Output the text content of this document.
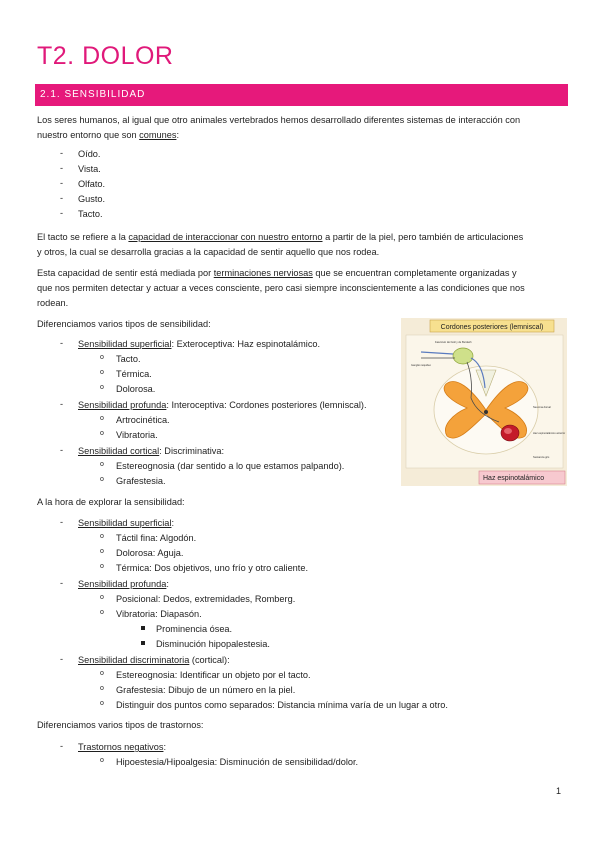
T2. DOLOR
2.1. SENSIBILIDAD
Los seres humanos, al igual que otro animales vertebrados hemos desarrollado diferentes sistemas de interacción con
nuestro entorno que son comunes:
- Oído.
- Vista.
- Olfato.
- Gusto.
- Tacto.
El tacto se refiere a la capacidad de interaccionar con nuestro entorno a partir de la piel, pero también de articulaciones
y otros, la cual se desarrolla gracias a la capacidad de sentir aquello que nos rodea.
Esta capacidad de sentir está mediada por terminaciones nerviosas que se encuentran completamente organizadas y
que nos permiten detectar y actuar a veces consciente, pero casi siempre inconscientemente a las condiciones que nos
rodean.
Diferenciamos varios tipos de sensibilidad:
- Sensibilidad superficial: Exteroceptiva: Haz espinotalámico.
o Tacto.
o Térmica.
o Dolorosa.
- Sensibilidad profunda: Interoceptiva: Cordones posteriores (lemniscal).
o Artrocinética.
o Vibratoria.
- Sensibilidad cortical: Discriminativa:
o Estereognosia (dar sentido a lo que estamos palpando).
o Grafestesia.
A la hora de explorar la sensibilidad:
- Sensibilidad superficial:
o Táctil fina: Algodón.
o Dolorosa: Aguja.
o Térmica: Dos objetivos, uno frío y otro caliente.
- Sensibilidad profunda:
o Posicional: Dedos, extremidades, Romberg.
o Vibratoria: Diapasón.
Prominencia ósea.
Disminución hipopalestesia.
- Sensibilidad discriminatoria (cortical):
o Estereognosia: Identificar un objeto por el tacto.
o Grafestesia: Dibujo de un número en la piel.
o Distinguir dos puntos como separados: Distancia mínima varía de un lugar a otro.
Diferenciamos varios tipos de trastornos:
- Trastornos negativos:
o Hipoestesia/Hipoalgesia: Disminución de sensibilidad/dolor.
Cordones posteriores (lemniscal)
Fascículo del Goll y de Burdach
Ganglio raquídeo
Neurona dorsal
Haz espinotalámico anterior
Sustancia gris
Haz espinotalámico
1
